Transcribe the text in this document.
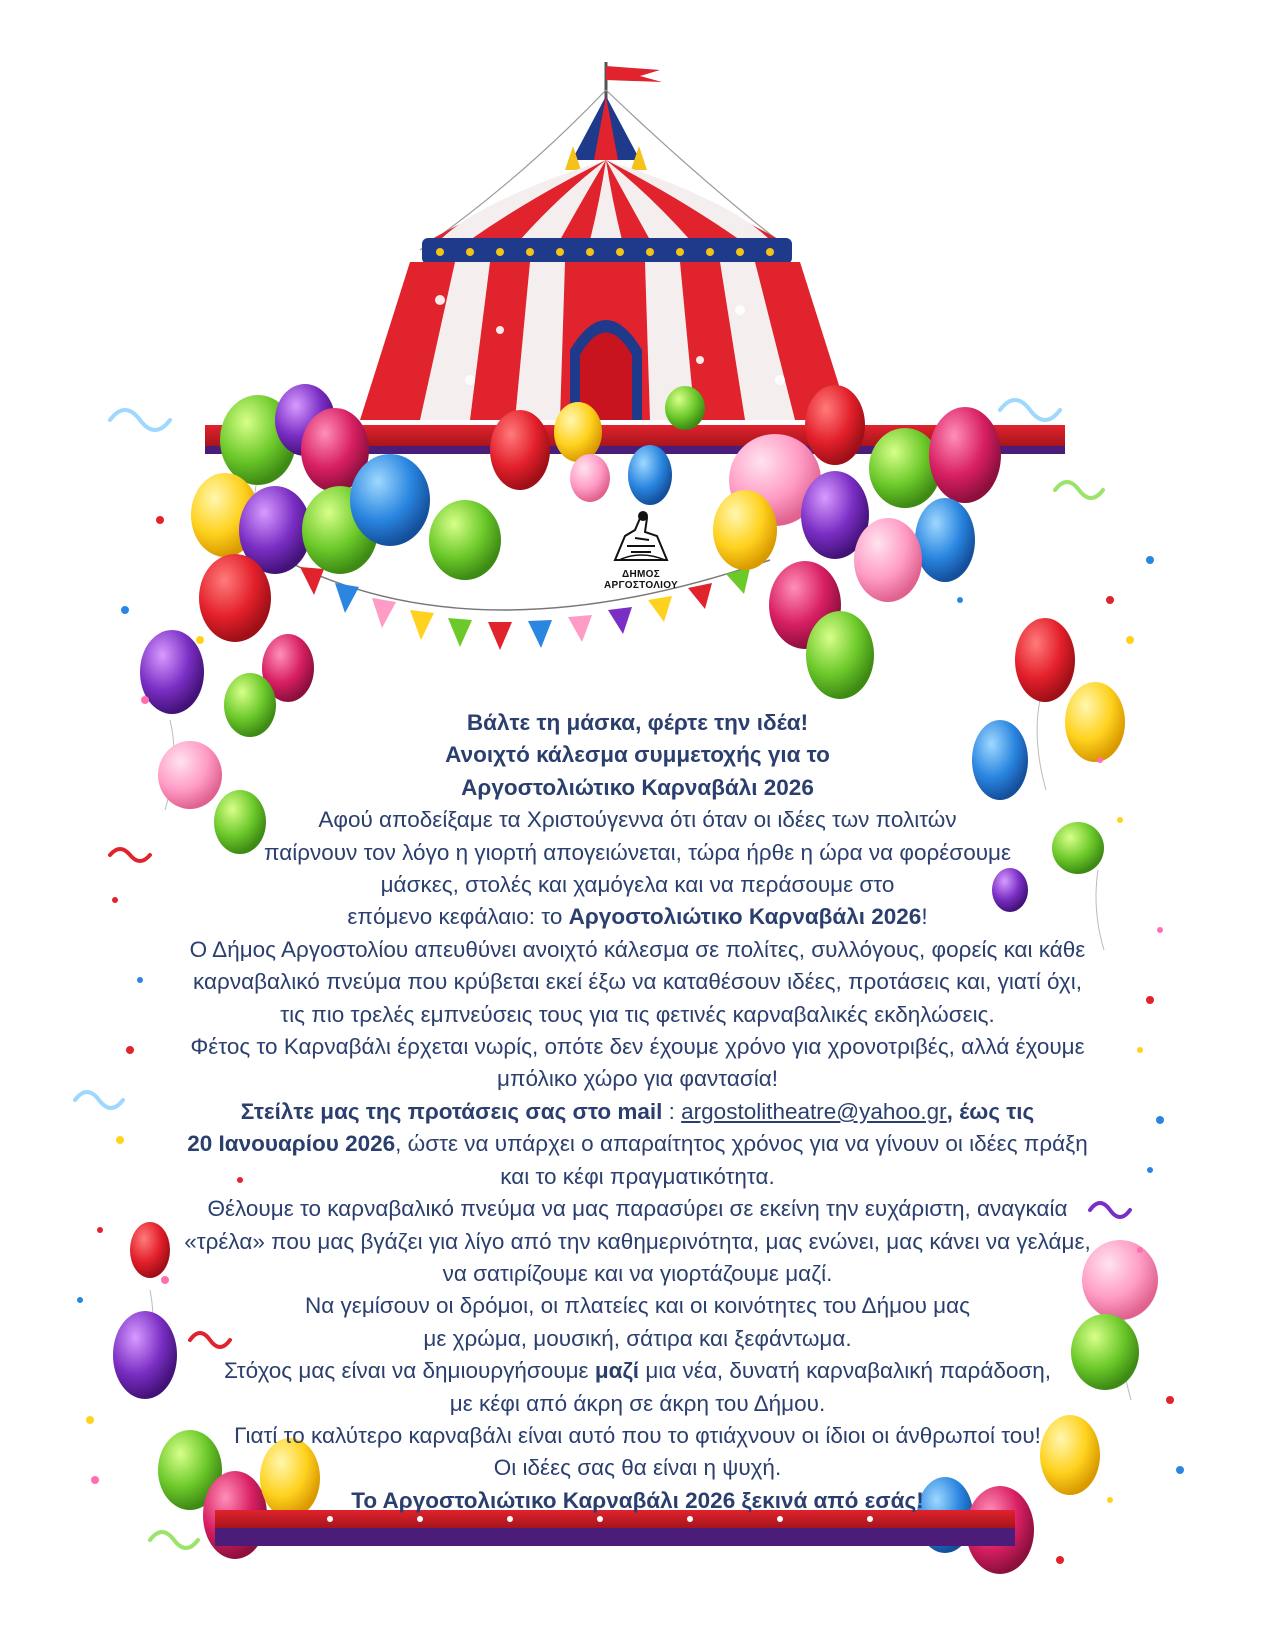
ΔΗΜΟΣ
ΑΡΓΟΣΤΟΛΙΟΥ

Βάλτε τη μάσκα, φέρτε την ιδέα!

Ανοιχτό κάλεσμα συμμετοχής για το

Αργοστολιώτικο Καρναβάλι 2026

Αφού αποδείξαμε τα Χριστούγεννα ότι όταν οι ιδέες των πολιτών

παίρνουν τον λόγο η γιορτή απογειώνεται, τώρα ήρθε η ώρα να φορέσουμε

μάσκες, στολές και χαμόγελα και να περάσουμε στο

επόμενο κεφάλαιο: το Αργοστολιώτικο Καρναβάλι 2026!

Ο Δήμος Αργοστολίου απευθύνει ανοιχτό κάλεσμα σε πολίτες, συλλόγους, φορείς και κάθε

καρναβαλικό πνεύμα που κρύβεται εκεί έξω να καταθέσουν ιδέες, προτάσεις και, γιατί όχι,

τις πιο τρελές εμπνεύσεις τους για τις φετινές καρναβαλικές εκδηλώσεις.

Φέτος το Καρναβάλι έρχεται νωρίς, οπότε δεν έχουμε χρόνο για χρονοτριβές, αλλά έχουμε

μπόλικο χώρο για φαντασία!

Στείλτε μας της προτάσεις σας στο mail : argostolitheatre@yahoo.gr, έως τις

20 Ιανουαρίου 2026, ώστε να υπάρχει ο απαραίτητος χρόνος για να γίνουν οι ιδέες πράξη

και το κέφι πραγματικότητα.

Θέλουμε το καρναβαλικό πνεύμα να μας παρασύρει σε εκείνη την ευχάριστη, αναγκαία

«τρέλα» που μας βγάζει για λίγο από την καθημερινότητα, μας ενώνει, μας κάνει να γελάμε,

να σατιρίζουμε και να γιορτάζουμε μαζί.

Να γεμίσουν οι δρόμοι, οι πλατείες και οι κοινότητες του Δήμου μας

με χρώμα, μουσική, σάτιρα και ξεφάντωμα.

Στόχος μας είναι να δημιουργήσουμε μαζί μια νέα, δυνατή καρναβαλική παράδοση,

με κέφι από άκρη σε άκρη του Δήμου.

Γιατί το καλύτερο καρναβάλι είναι αυτό που το φτιάχνουν οι ίδιοι οι άνθρωποί του!

Οι ιδέες σας θα είναι η ψυχή.

Το Αργοστολιώτικο Καρναβάλι 2026 ξεκινά από εσάς!
